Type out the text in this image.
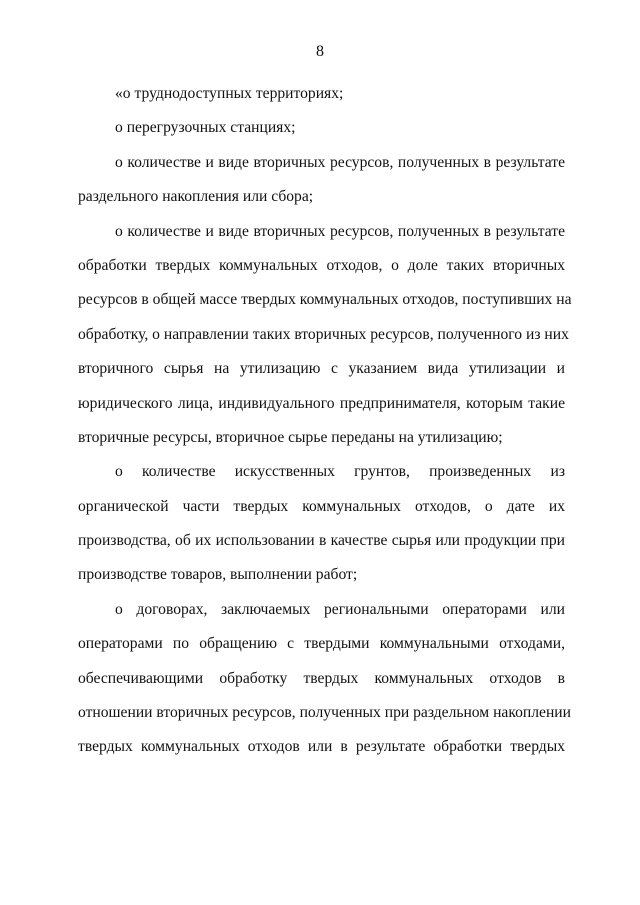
8
«о труднодоступных территориях;
о перегрузочных станциях;
о количестве и виде вторичных ресурсов, полученных в результате
раздельного накопления или сбора;
о количестве и виде вторичных ресурсов, полученных в результате
обработки твердых коммунальных отходов, о доле таких вторичных
ресурсов в общей массе твердых коммунальных отходов, поступивших на
обработку, о направлении таких вторичных ресурсов, полученного из них
вторичного сырья на утилизацию с указанием вида утилизации и
юридического лица, индивидуального предпринимателя, которым такие
вторичные ресурсы, вторичное сырье переданы на утилизацию;
о количестве искусственных грунтов, произведенных из
органической части твердых коммунальных отходов, о дате их
производства, об их использовании в качестве сырья или продукции при
производстве товаров, выполнении работ;
о договорах, заключаемых региональными операторами или
операторами по обращению с твердыми коммунальными отходами,
обеспечивающими обработку твердых коммунальных отходов в
отношении вторичных ресурсов, полученных при раздельном накоплении
твердых коммунальных отходов или в результате обработки твердых
